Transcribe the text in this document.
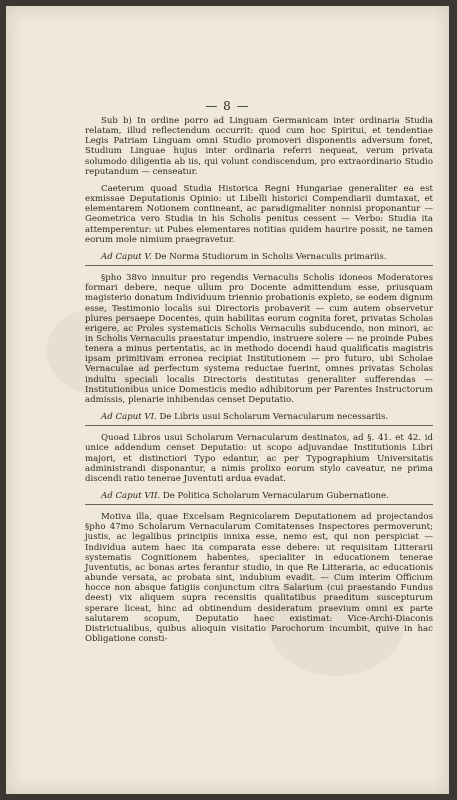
— 8 —

Sub b) In ordine porro ad Linguam Germanicam inter ordinaria Studia relatam, illud reflectendum occurrit: quod cum hoc Spiritui, et tendentiae Legis Patriam Linguam omni Studio promoveri disponentis adversum foret, Studium Linguae hujus inter ordinaria referri nequeat, verum privata solumodo diligentia ab iis, qui volunt condiscendum, pro extraordinario Studio reputandum — censeatur.

Caeterum quoad Studia Historica Regni Hungariae generaliter ea est exmissae Deputationis Opinio: ut Libelli historici Compendiarii dumtaxat, et elementarem Notionem contineant, ac paradigmaliter nonnisi proponantur — Geometrica vero Studia in his Scholis penitus cessent — Verbo: Studia ita attemperentur: ut Pubes elementares notitias quidem haurire possit, ne tamen eorum mole nimium praegravetur.

Ad Caput V. De Norma Studiorum in Scholis Vernaculis primariis.

§pho 38vo innuitur pro regendis Vernaculis Scholis idoneos Moderatores formari debere, neque ullum pro Docente admittendum esse, priusquam magisterio donatum Individuum triennio probationis expleto, se eodem dignum esse, Testimonio localis sui Directoris probaverit — cum autem observetur plures persaepe Docentes, quin habilitas eorum cognita foret, privatas Scholas erigere, ac Proles systematicis Scholis Vernaculis subducendo, non minori, ac in Scholis Vernaculis praestatur impendio, instruere solere — ne proinde Pubes tenera a minus pertentatis, ac in methodo docendi haud qualificatis magistris ipsam primitivam erronea recipiat Institutionem — pro futuro, ubi Scholae Vernaculae ad perfectum systema reductae fuerint, omnes privatas Scholas indultu speciali localis Directoris destitutas generaliter sufferendas — Institutionibus unice Domesticis medio adhibitorum per Parentes Instructorum admissis, plenarie inhibendas censet Deputatio.

Ad Caput VI. De Libris usui Scholarum Vernacularum necessariis.

Quoad Libros usui Scholarum Vernacularum destinatos, ad §. 41. et 42. id unice addendum censet Deputatio: ut scopo adjuvandae Institutionis Libri majori, et distinctiori Typo edantur, ac per Typographium Universitatis administrandi disponantur, a nimis prolixo eorum stylo caveatur, ne prima discendi ratio tenerae Juventuti ardua evadat.

Ad Caput VII. De Politica Scholarum Vernacularum Gubernatione.

Motiva illa, quae Excelsam Regnicolarem Deputationem ad projectandos §pho 47mo Scholarum Vernacularum Comitatenses Inspectores permoverunt; justis, ac legalibus principiis innixa esse, nemo est, qui non perspiciat — Individua autem haec ita comparata esse debere: ut requisitam Litterarii systematis Cognitionem habentes, specialiter in educationem tenerae Juventutis, ac bonas artes ferantur studio, in que Re Litteraria, ac educationis abunde versata, ac probata sint, indubium evadit. — Cum interim Officium hocce non absque fatigiis conjunctum citra Salarium (cui praestando Fundus deest) vix aliquem supra recensitis qualitatibus praeditum suscepturum sperare liceat, hinc ad obtinendum desideratum praevium omni ex parte salutarem scopum, Deputatio haec existimat: Vice-Archi-Diaconis Districtualibus, quibus alioquin visitatio Parochorum incumbit, quive in hac Obligatione consti-
